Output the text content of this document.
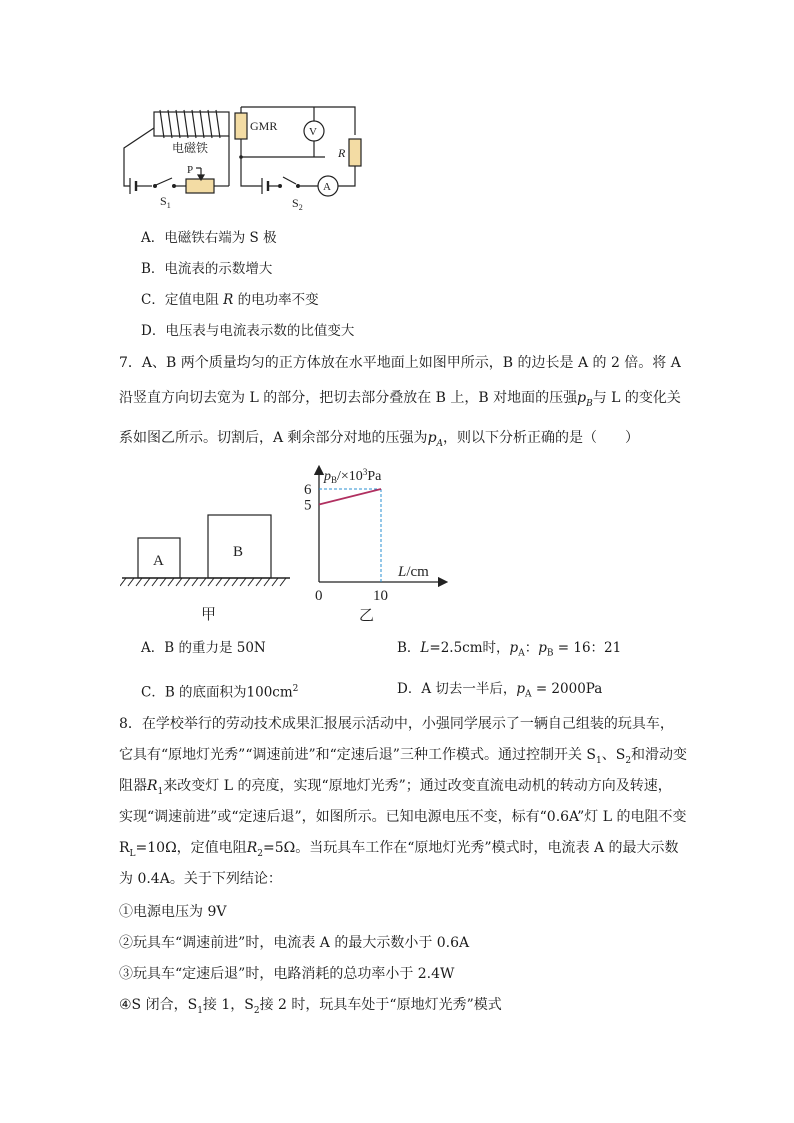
电磁铁
P
$S_1$
GMR	V
R
A
$S_2$
A．电磁铁右端为 S 极
B．电流表的示数增大
C．定值电阻 R 的电功率不变
D．电压表与电流表示数的比值变大
7．A、B 两个质量均匀的正方体放在水平地面上如图甲所示，B 的边长是 A 的 2 倍。将 A
沿竖直方向切去宽为 L 的部分，把切去部分叠放在 B 上，B 对地面的压强$p_B$与 L 的变化关
系如图乙所示。切割后，A 剩余部分对地的压强为$p_A$，则以下分析正确的是（　　）
A
B
甲
5
6
0	10
$p_B/\times 10^3Pa$
L/cm
乙
A．B 的重力是 50N	B．L=2.5cm时，$p_A$：$p_B = 16$：21
C．B 的底面积为$100cm^2$	D．A 切去一半后，$p_A = 2000Pa$
8．在学校举行的劳动技术成果汇报展示活动中，小强同学展示了一辆自己组装的玩具车，
它具有“原地灯光秀”“调速前进”和“定速后退”三种工作模式。通过控制开关 $S_1$、$S_2$和滑动变
阻器$R_1$来改变灯 L 的亮度，实现“原地灯光秀”；通过改变直流电动机的转动方向及转速，
实现“调速前进”或“定速后退”，如图所示。已知电源电压不变，标有“0.6A”灯 L 的电阻不变
$R_L=10\Omega$，定值电阻$R_2=5\Omega$。当玩具车工作在“原地灯光秀”模式时，电流表 A 的最大示数
为 0.4A。关于下列结论：
①电源电压为 9V
②玩具车“调速前进”时，电流表 A 的最大示数小于 0.6A
③玩具车“定速后退”时，电路消耗的总功率小于 2.4W
④S 闭合，$S_1$接 1，$S_2$接 2 时，玩具车处于“原地灯光秀”模式
